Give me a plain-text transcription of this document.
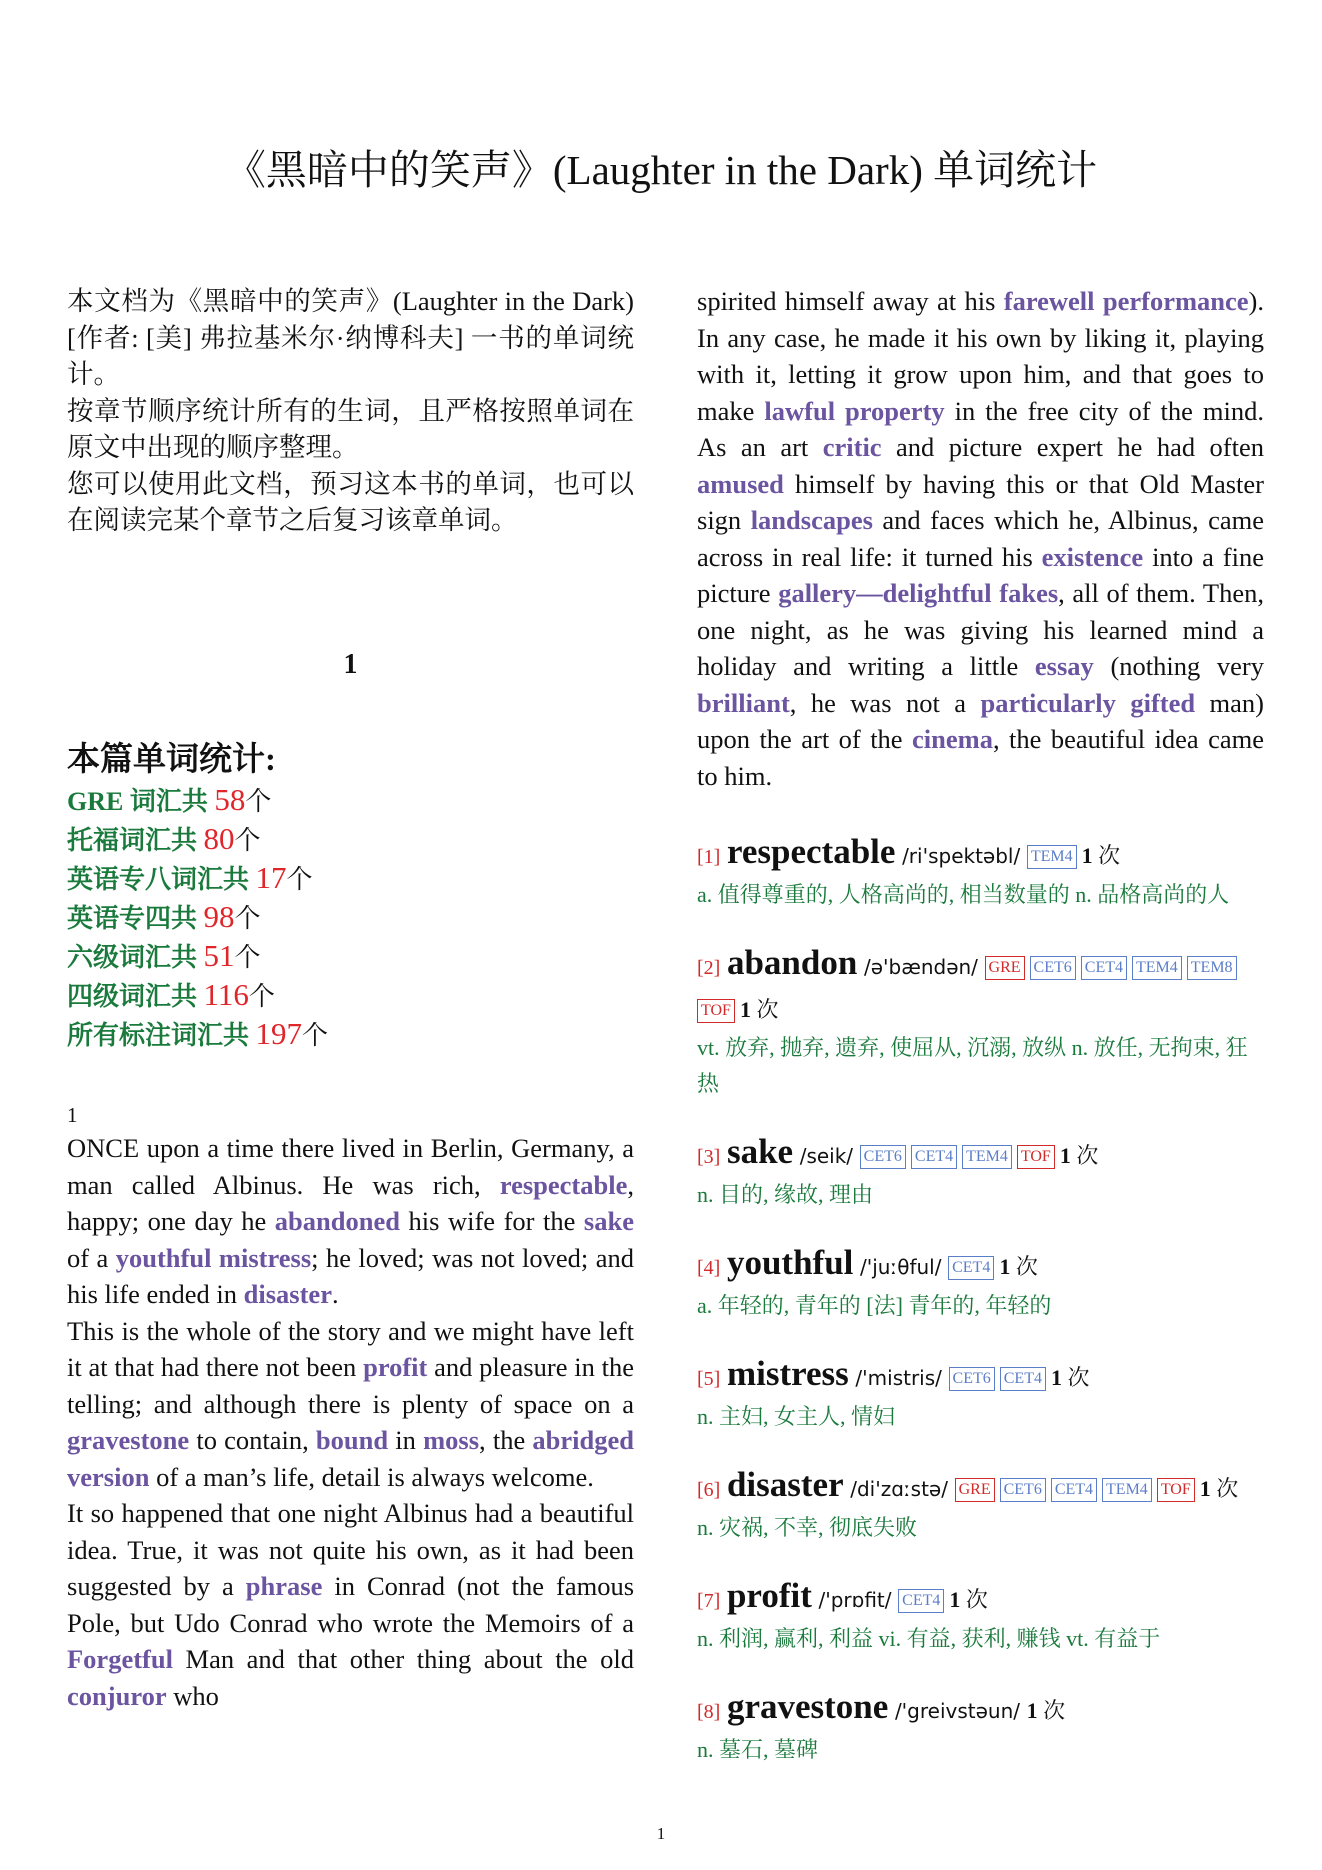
《黑暗中的笑声》(Laughter in the Dark) 单词统计

本文档为《黑暗中的笑声》(Laughter in the Dark)[作者: [美] 弗拉基米尔·纳博科夫] 一书的单词统计。

按章节顺序统计所有的生词，且严格按照单词在原文中出现的顺序整理。

您可以使用此文档，预习这本书的单词，也可以在阅读完某个章节之后复习该章单词。

1
本篇单词统计:
GRE 词汇共 58个
托福词汇共 80个
英语专八词汇共 17个
英语专四共 98个
六级词汇共 51个
四级词汇共 116个
所有标注词汇共 197个
1

ONCE upon a time there lived in Berlin, Germany, a man called Albinus. He was rich, respectable, happy; one day he abandoned his wife for the sake of a youthful mistress; he loved; was not loved; and his life ended in disaster.

This is the whole of the story and we might have left it at that had there not been profit and pleasure in the telling; and although there is plenty of space on a gravestone to contain, bound in moss, the abridged version of a man’s life, detail is always welcome.

It so happened that one night Albinus had a beautiful idea. True, it was not quite his own, as it had been suggested by a phrase in Conrad (not the famous Pole, but Udo Conrad who wrote the Memoirs of a Forgetful Man and that other thing about the old conjuror who

spirited himself away at his farewell performance). In any case, he made it his own by liking it, playing with it, letting it grow upon him, and that goes to make lawful property in the free city of the mind. As an art critic and picture expert he had often amused himself by having this or that Old Master sign landscapes and faces which he, Albinus, came across in real life: it turned his existence into a fine picture gallery—delightful fakes, all of them. Then, one night, as he was giving his learned mind a holiday and writing a little essay (nothing very brilliant, he was not a particularly gifted man) upon the art of the cinema, the beautiful idea came to him.

[1] respectable /ri'spektəbl/ TEM4 1 次
a. 值得尊重的, 人格高尚的, 相当数量的 n. 品格高尚的人
[2] abandon /ə'bændən/ GRE CET6 CET4 TEM4 TEM8TOF 1 次
vt. 放弃, 抛弃, 遗弃, 使屈从, 沉溺, 放纵 n. 放任, 无拘束, 狂热
[3] sake /seik/ CET6 CET4 TEM4 TOF 1 次
n. 目的, 缘故, 理由
[4] youthful /'juːθful/ CET4 1 次
a. 年轻的, 青年的 [法] 青年的, 年轻的
[5] mistress /'mistris/ CET6 CET4 1 次
n. 主妇, 女主人, 情妇
[6] disaster /di'zɑːstə/ GRE CET6 CET4 TEM4 TOF 1 次
n. 灾祸, 不幸, 彻底失败
[7] profit /'prɒfit/ CET4 1 次
n. 利润, 赢利, 利益 vi. 有益, 获利, 赚钱 vt. 有益于
[8] gravestone /'greivstəun/ 1 次
n. 墓石, 墓碑
1
